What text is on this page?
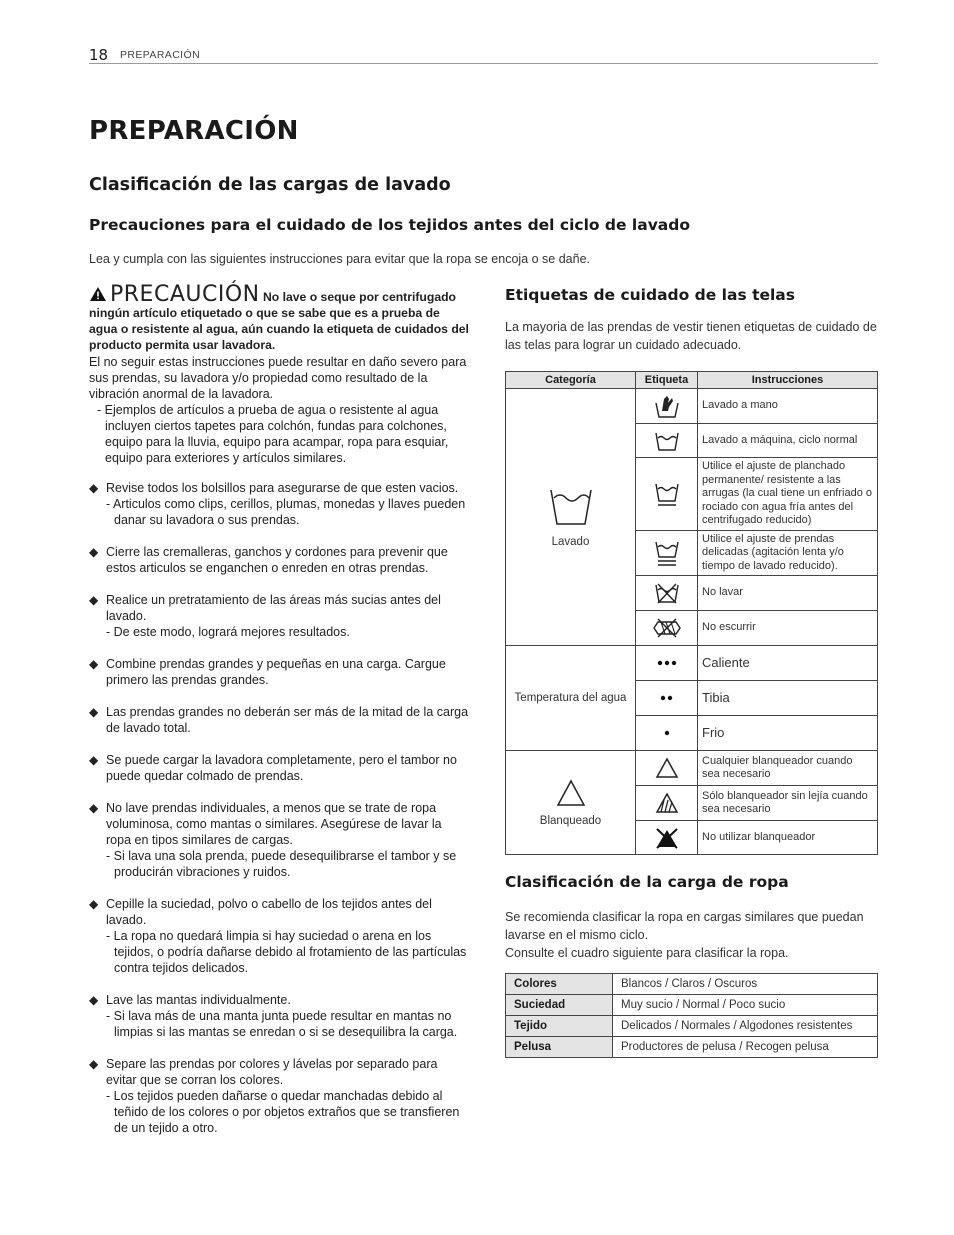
18 PREPARACIÓN
PREPARACIÓN
Clasificación de las cargas de lavado
Precauciones para el cuidado de los tejidos antes del ciclo de lavado
Lea y cumpla con las siguientes instrucciones para evitar que la ropa se encoja o se dañe.
PRECAUCIÓN No lave o seque por centrifugado ningún artículo etiquetado o que se sabe que es a prueba de agua o resistente al agua, aún cuando la etiqueta de cuidados del producto permita usar lavadora.
El no seguir estas instrucciones puede resultar en daño severo para sus prendas, su lavadora y/o propiedad como resultado de la vibración anormal de la lavadora.
- Ejemplos de artículos a prueba de agua o resistente al agua incluyen ciertos tapetes para colchón, fundas para colchones, equipo para la lluvia, equipo para acampar, ropa para esquiar, equipo para exteriores y artículos similares.
◆ Revise todos los bolsillos para asegurarse de que esten vacios.
- Articulos como clips, cerillos, plumas, monedas y llaves pueden danar su lavadora o sus prendas.
◆ Cierre las cremalleras, ganchos y cordones para prevenir que estos articulos se enganchen o enreden en otras prendas.
◆ Realice un pretratamiento de las áreas más sucias antes del lavado.
- De este modo, logrará mejores resultados.
◆ Combine prendas grandes y pequeñas en una carga. Cargue primero las prendas grandes.
◆ Las prendas grandes no deberán ser más de la mitad de la carga de lavado total.
◆ Se puede cargar la lavadora completamente, pero el tambor no puede quedar colmado de prendas.
◆ No lave prendas individuales, a menos que se trate de ropa voluminosa, como mantas o similares. Asegúrese de lavar la ropa en tipos similares de cargas.
- Si lava una sola prenda, puede desequilibrarse el tambor y se producirán vibraciones y ruidos.
◆ Cepille la suciedad, polvo o cabello de los tejidos antes del lavado.
- La ropa no quedará limpia si hay suciedad o arena en los tejidos, o podría dañarse debido al frotamiento de las partículas contra tejidos delicados.
◆ Lave las mantas individualmente.
- Si lava más de una manta junta puede resultar en mantas no limpias si las mantas se enredan o si se desequilibra la carga.
◆ Separe las prendas por colores y lávelas por separado para evitar que se corran los colores.
- Los tejidos pueden dañarse o quedar manchadas debido al teñido de los colores o por objetos extraños que se transfieren de un tejido a otro.
Etiquetas de cuidado de las telas
La mayoria de las prendas de vestir tienen etiquetas de cuidado de las telas para lograr un cuidado adecuado.
Categoría	Etiqueta	Instrucciones

Lavado		Lavado a mano

	Lavado a máquina, ciclo normal

	Utilice el ajuste de planchado permanente/ resistente a las arrugas (la cual tiene un enfriado o rociado con agua fría antes del centrifugado reducido)

	Utilice el ajuste de prendas delicadas (agitación lenta y/o tiempo de lavado reducido).

	No lavar

	No escurrir
Temperatura del agua		Caliente

	Tibia

	Frio

Blanqueado		Cualquier blanqueador cuando sea necesario

	Sólo blanqueador sin lejía cuando sea necesario

	No utilizar blanqueador
Clasificación de la carga de ropa
Se recomienda clasificar la ropa en cargas similares que puedan lavarse en el mismo ciclo.
Consulte el cuadro siguiente para clasificar la ropa.
Colores	Blancos / Claros / Oscuros
Suciedad	Muy sucio / Normal / Poco sucio
Tejido	Delicados / Normales / Algodones resistentes
Pelusa	Productores de pelusa / Recogen pelusa
